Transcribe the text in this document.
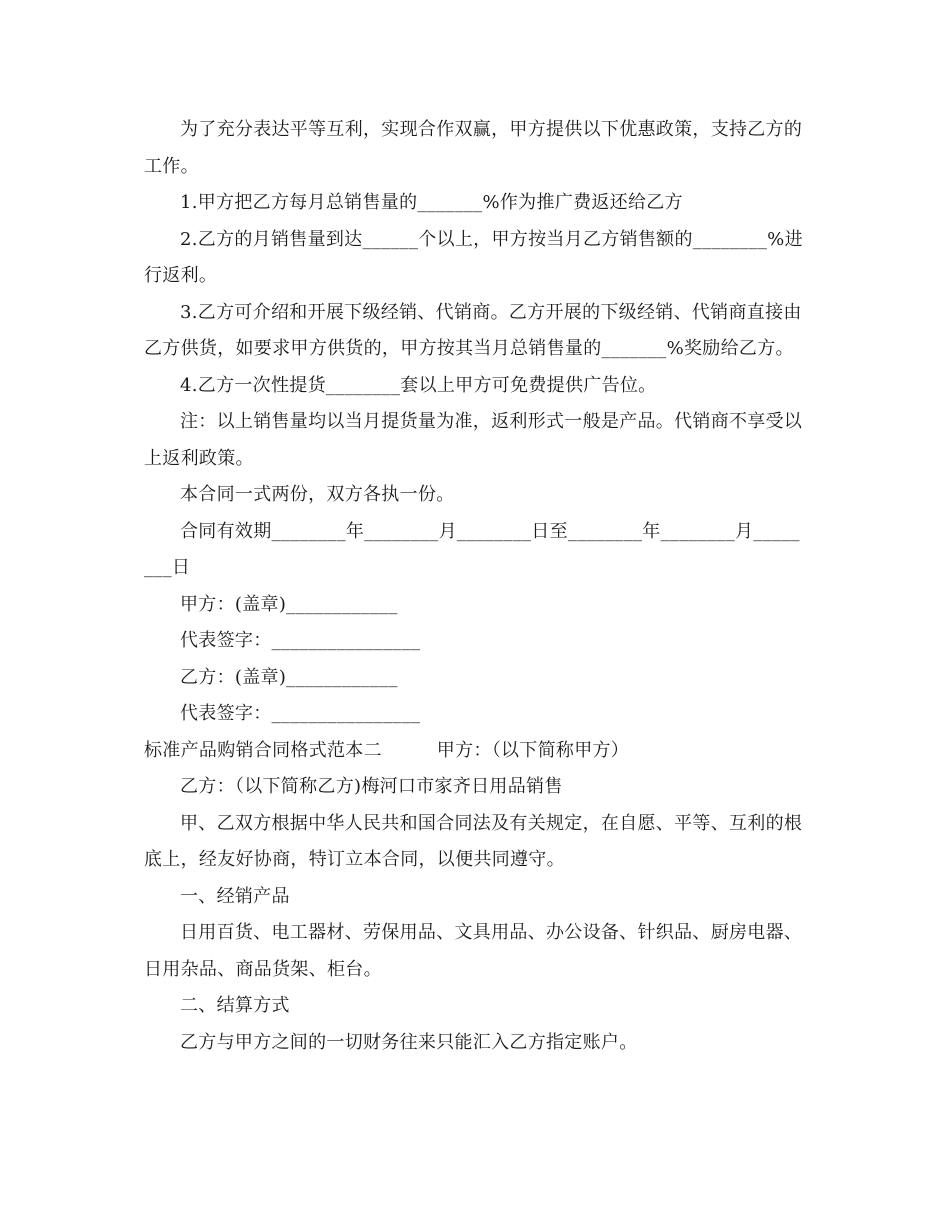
为了充分表达平等互利，实现合作双赢，甲方提供以下优惠政策，支持乙方的工作。

1.甲方把乙方每月总销售量的_______%作为推广费返还给乙方

2.乙方的月销售量到达______个以上，甲方按当月乙方销售额的________%进行返利。

3.乙方可介绍和开展下级经销、代销商。乙方开展的下级经销、代销商直接由乙方供货，如要求甲方供货的，甲方按其当月总销售量的_______%奖励给乙方。

4.乙方一次性提货________套以上甲方可免费提供广告位。

注：以上销售量均以当月提货量为准，返利形式一般是产品。代销商不享受以上返利政策。

本合同一式两份，双方各执一份。

合同有效期________年________月________日至________年________月________日

甲方：(盖章)____________

代表签字：________________

乙方：(盖章)____________

代表签字：________________

标准产品购销合同格式范本二　　　甲方：（以下简称甲方）

乙方：（以下简称乙方)梅河口市家齐日用品销售

甲、乙双方根据中华人民共和国合同法及有关规定，在自愿、平等、互利的根底上，经友好协商，特订立本合同，以便共同遵守。

一、经销产品

日用百货、电工器材、劳保用品、文具用品、办公设备、针织品、厨房电器、日用杂品、商品货架、柜台。

二、结算方式

乙方与甲方之间的一切财务往来只能汇入乙方指定账户。
